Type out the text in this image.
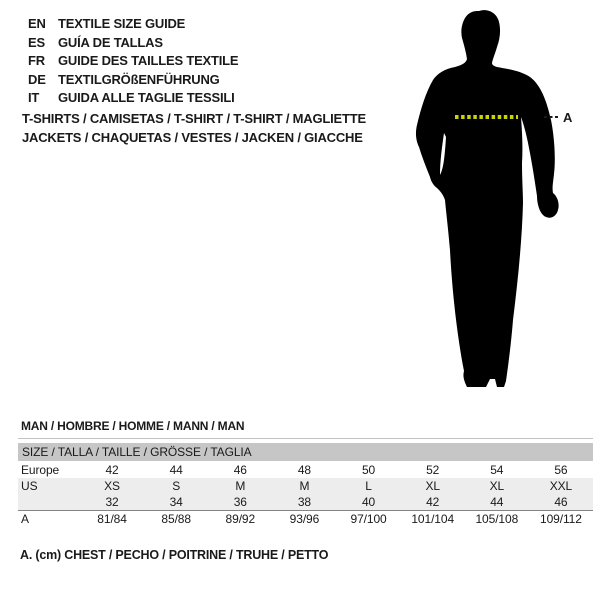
EN TEXTILE SIZE GUIDE
ES	GUÍA DE TALLAS
FR	GUIDE DES TAILLES TEXTILE
DE TEXTILGRÖßENFÜHRUNG
IT	GUIDA ALLE TAGLIE TESSILI
T-SHIRTS / CAMISETAS / T-SHIRT / T-SHIRT / MAGLIETTE
JACKETS / CHAQUETAS / VESTES / JACKEN / GIACCHE
A
MAN / HOMBRE / HOMME / MANN / MAN
SIZE / TALLA / TAILLE / GRÖSSE / TAGLIA
Europe	42	44	46	48	50	52	54	56
US	XS	S	M	M	L	XL	XL	XXL
	32	34	36	38	40	42	44	46
A	81/84	85/88	89/92	93/96	97/100	101/104	105/108	109/112
A. (cm) CHEST / PECHO / POITRINE / TRUHE / PETTO
